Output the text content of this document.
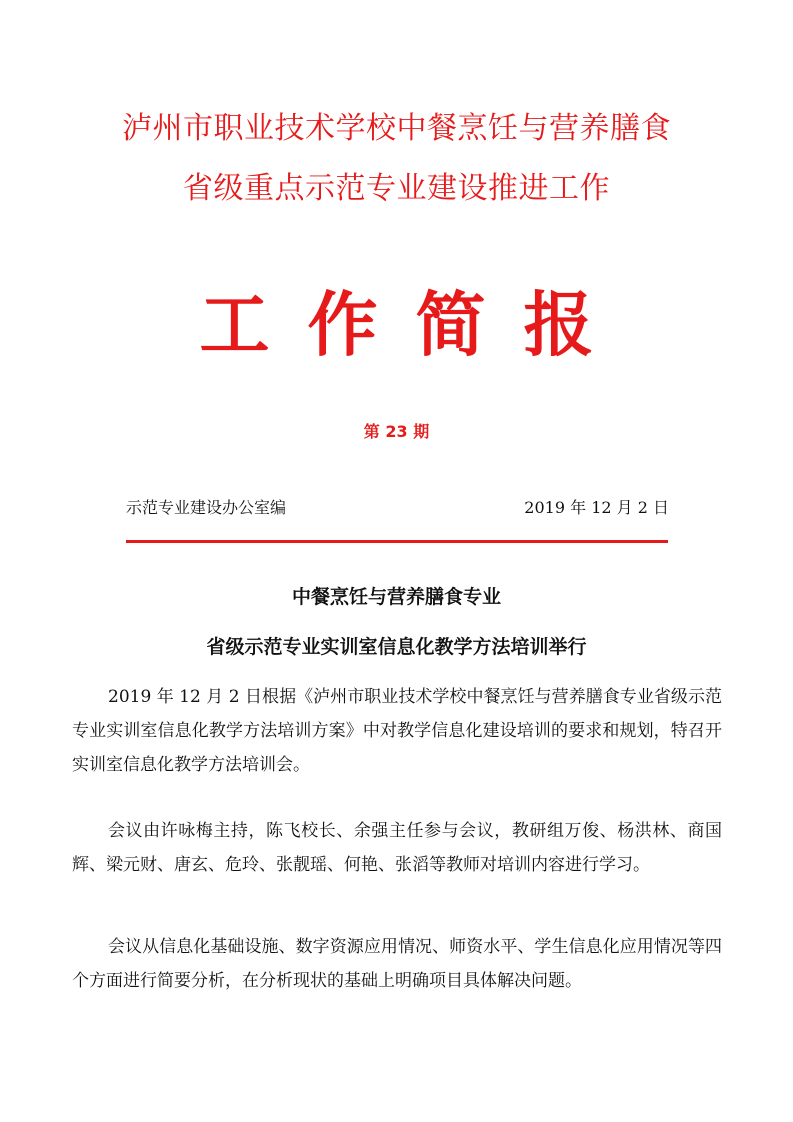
泸州市职业技术学校中餐烹饪与营养膳食
省级重点示范专业建设推进工作
工作简报
第 23 期
示范专业建设办公室编	2019 年 12 月 2 日
中餐烹饪与营养膳食专业
省级示范专业实训室信息化教学方法培训举行

2019 年 12 月 2 日根据《泸州市职业技术学校中餐烹饪与营养膳食专业省级示范专业实训室信息化教学方法培训方案》中对教学信息化建设培训的要求和规划，特召开实训室信息化教学方法培训会。

会议由许咏梅主持，陈飞校长、余强主任参与会议，教研组万俊、杨洪林、商国辉、梁元财、唐玄、危玲、张靓瑶、何艳、张滔等教师对培训内容进行学习。

会议从信息化基础设施、数字资源应用情况、师资水平、学生信息化应用情况等四个方面进行简要分析，在分析现状的基础上明确项目具体解决问题。
